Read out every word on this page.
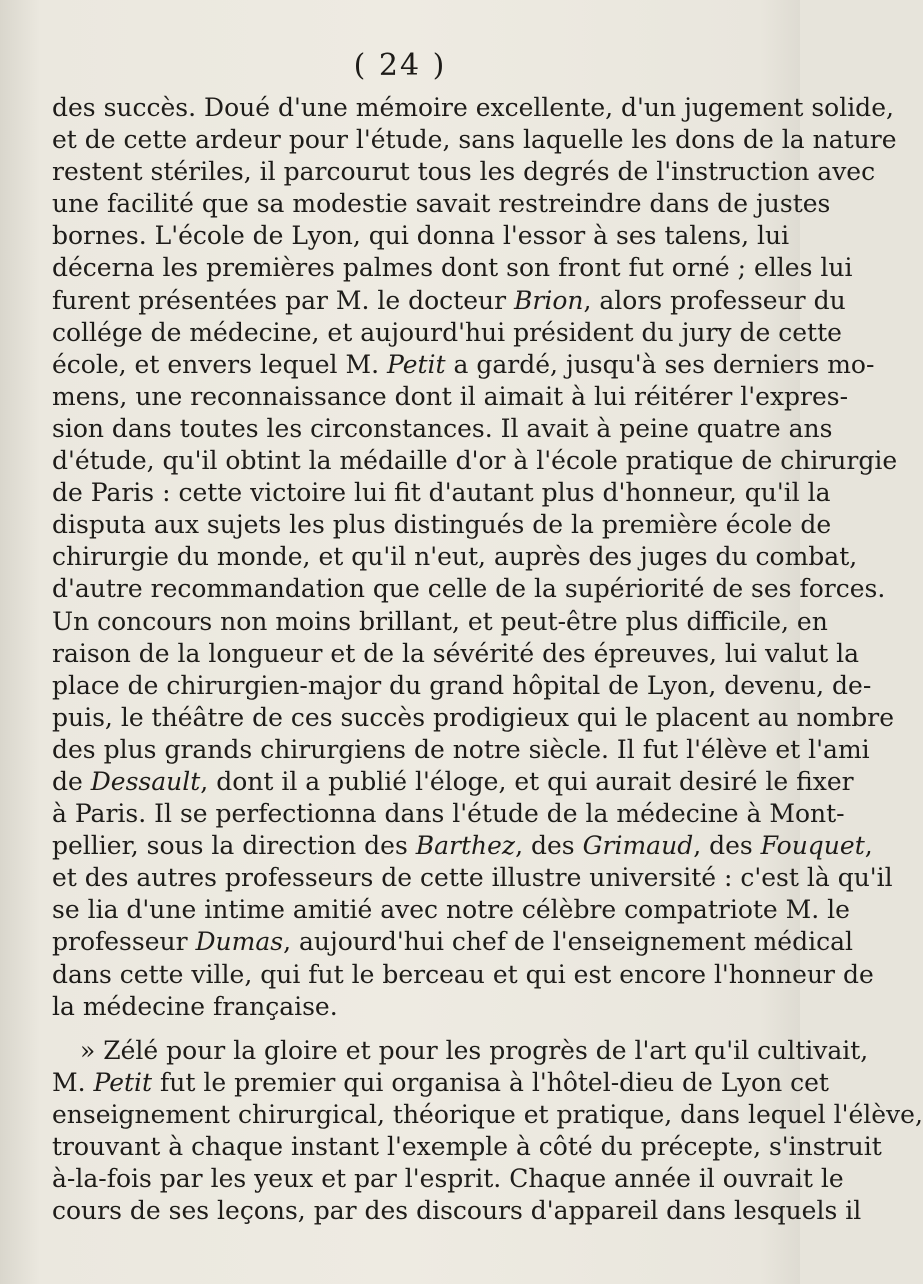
( 24 )
des succès. Doué d'une mémoire excellente, d'un jugement solide,
et de cette ardeur pour l'étude, sans laquelle les dons de la nature
restent stériles, il parcourut tous les degrés de l'instruction avec
une facilité que sa modestie savait restreindre dans de justes
bornes. L'école de Lyon, qui donna l'essor à ses talens, lui
décerna les premières palmes dont son front fut orné ; elles lui
furent présentées par M. le docteur Brion, alors professeur du
collége de médecine, et aujourd'hui président du jury de cette
école, et envers lequel M. Petit a gardé, jusqu'à ses derniers mo-
mens, une reconnaissance dont il aimait à lui réitérer l'expres-
sion dans toutes les circonstances. Il avait à peine quatre ans
d'étude, qu'il obtint la médaille d'or à l'école pratique de chirurgie
de Paris : cette victoire lui fit d'autant plus d'honneur, qu'il la
disputa aux sujets les plus distingués de la première école de
chirurgie du monde, et qu'il n'eut, auprès des juges du combat,
d'autre recommandation que celle de la supériorité de ses forces.
Un concours non moins brillant, et peut-être plus difficile, en
raison de la longueur et de la sévérité des épreuves, lui valut la
place de chirurgien-major du grand hôpital de Lyon, devenu, de-
puis, le théâtre de ces succès prodigieux qui le placent au nombre
des plus grands chirurgiens de notre siècle. Il fut l'élève et l'ami
de Dessault, dont il a publié l'éloge, et qui aurait desiré le fixer
à Paris. Il se perfectionna dans l'étude de la médecine à Mont-
pellier, sous la direction des Barthez, des Grimaud, des Fouquet,
et des autres professeurs de cette illustre université : c'est là qu'il
se lia d'une intime amitié avec notre célèbre compatriote M. le
professeur Dumas, aujourd'hui chef de l'enseignement médical
dans cette ville, qui fut le berceau et qui est encore l'honneur de
la médecine française.
» Zélé pour la gloire et pour les progrès de l'art qu'il cultivait,
M. Petit fut le premier qui organisa à l'hôtel-dieu de Lyon cet
enseignement chirurgical, théorique et pratique, dans lequel l'élève,
trouvant à chaque instant l'exemple à côté du précepte, s'instruit
à-la-fois par les yeux et par l'esprit. Chaque année il ouvrait le
cours de ses leçons, par des discours d'appareil dans lesquels il
